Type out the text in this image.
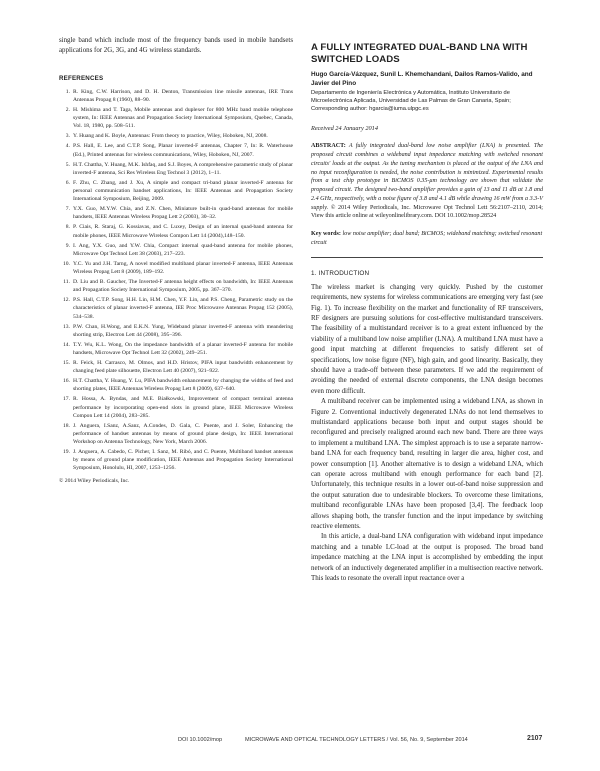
single band which include most of the frequency bands used in mobile handsets applications for 2G, 3G, and 4G wireless standards.

REFERENCES
1. R. King, C.W. Harrison, and D. H. Denton, Transmission line missile antennas, IRE Trans Antennas Propag 8 (1960), 88–90.
2. H. Mishima and T. Taga, Mobile antennas and duplexer for 800 MHz band mobile telephone system, In: IEEE Antennas and Propagation Society International Symposium, Quebec, Canada, Vol. 18, 1980, pp. 508–511.
3. Y. Huang and K. Boyle, Antennas: From theory to practice, Wiley, Hoboken, NJ, 2008.
4. P.S. Hall, E. Lee, and C.T.P. Song, Planar inverted-F antennas, Chapter 7, In: R. Waterhouse (Ed.), Printed antennas for wireless communications, Wiley, Hoboken, NJ, 2007.
5. H.T. Chattha, Y. Huang, M.K. Ishfaq, and S.J. Boyes, A comprehensive parametric study of planar inverted-F antenna, Sci Res Wireless Eng Technol 3 (2012), 1–11.
6. F. Zhu, C. Zhang, and J. Xu, A simple and compact tri-band planar inverted-F antenna for personal communication handset applications, In: IEEE Antennas and Propagation Society International Symposium, Beijing, 2009.
7. Y.X. Guo, M.Y.W. Chia, and Z.N. Chen, Miniature built-in quad-band antennas for mobile handsets, IEEE Antennas Wireless Propag Lett 2 (2003), 30–32.
8. P. Ciais, R. Staraj, G. Kossiavas, and C. Luxey, Design of an internal quad-band antenna for mobile phones, IEEE Microwave Wireless Compon Lett 14 (2004),148–150.
9. I. Ang, Y.X. Guo, and Y.W. Chia, Compact internal quad-band antenna for mobile phones, Microwave Opt Technol Lett 38 (2003), 217–223.
10. Y.C. Yu and J.H. Tarng, A novel modified multiband planar inverted-F antenna, IEEE Antennas Wireless Propag Lett 8 (2009), 189–192.
11. D. Liu and B. Gaucher, The Inverted-F antenna height effects on bandwidth, In: IEEE Antennas and Propagation Society International Symposium, 2005, pp. 367–370.
12. P.S. Hall, C.T.P. Song, H.H. Lin, H.M. Chen, Y.F. Lin, and P.S. Cheng, Parametric study on the characteristics of planar inverted-F antenna, IEE Proc Microwave Antennas Propag 152 (2005), 534–538.
13. P.W. Chan, H.Wong, and E.K.N. Yung, Wideband planar inverted-F antenna with meandering shorting strip, Electron Lett 44 (2008), 395–396.
14. T.Y. Wu, K.L. Wong, On the impedance bandwidth of a planar inverted-F antenna for mobile handsets, Microwave Opt Technol Lett 32 (2002), 249–251.
15. R. Feick, H. Carrasco, M. Olmos, and H.D. Hristov, PIFA input bandwidth enhancement by changing feed plate silhouette, Electron Lett 40 (2007), 921–922.
16. H.T. Chattha, Y. Huang, Y. Lu, PIFA bandwidth enhancement by changing the widths of feed and shorting plates, IEEE Antennas Wireless Propag Lett 8 (2009), 637–640.
17. R. Hossa, A. Byndas, and M.E. Białkowski, Improvement of compact terminal antenna performance by incorporating open-end slots in ground plane, IEEE Microwave Wireless Compon Lett 14 (2004), 283–285.
18. J. Anguera, I.Sanz, A.Sanz, A.Condes, D. Gala, C. Puente, and J. Soler, Enhancing the performance of handset antennas by means of ground plane design, In: IEEE International Workshop on Antenna Technology, New York, March 2006.
19. J. Anguera, A. Cabedo, C. Picher, I. Sanz, M. Ribó, and C. Puente, Multiband handset antennas by means of ground plane modification, IEEE Antennas and Propagation Society International Symposium, Honolulu, HI, 2007, 1253–1256.
© 2014 Wiley Periodicals, Inc.
A FULLY INTEGRATED DUAL-BAND LNA WITH SWITCHED LOADS
Hugo García-Vázquez, Sunil L. Khemchandani, Dailos Ramos-Valido, and Javier del Pino
Departamento de Ingeniería Electrónica y Automática, Instituto Universitario de Microelectrónica Aplicada, Universidad de Las Palmas de Gran Canaria, Spain; Corresponding author: hgarcia@iuma.ulpgc.es
Received 24 January 2014

ABSTRACT: A fully integrated dual-band low noise amplifier (LNA) is presented. The proposed circuit combines a wideband input impedance matching with switched resonant circuits' loads at the output. As the tuning mechanism is placed at the output of the LNA and no input reconfiguration is needed, the noise contribution is minimized. Experimental results from a test chip prototype in BiCMOS 0.35-μm technology are shown that validate the proposed circuit. The designed two-band amplifier provides a gain of 13 and 11 dB at 1.8 and 2.4 GHz, respectively, with a noise figure of 3.8 and 4.1 dB while drawing 16 mW from a 3.3-V supply. © 2014 Wiley Periodicals, Inc. Microwave Opt Technol Lett 56:2107–2110, 2014; View this article online at wileyonlinelibrary.com. DOI 10.1002/mop.28524

Key words: low noise amplifier; dual band; BiCMOS; wideband matching; switched resonant circuit

1. INTRODUCTION

The wireless market is changing very quickly. Pushed by the customer requirements, new systems for wireless communications are emerging very fast (see Fig. 1). To increase flexibility on the market and functionality of RF transceivers, RF designers are pursuing solutions for cost-effective multistandard transceivers. The feasibility of a multistandard receiver is to a great extent influenced by the viability of a multiband low noise amplifier (LNA). A multiband LNA must have a good input matching at different frequencies to satisfy different set of specifications, low noise figure (NF), high gain, and good linearity. Basically, they should have a trade-off between these parameters. If we add the requirement of avoiding the needed of external discrete components, the LNA design becomes even more difficult.

A multiband receiver can be implemented using a wideband LNA, as shown in Figure 2. Conventional inductively degenerated LNAs do not lend themselves to multistandard applications because both input and output stages should be reconfigured and precisely realigned around each new band. There are three ways to implement a multiband LNA. The simplest approach is to use a separate narrow-band LNA for each frequency band, resulting in larger die area, higher cost, and power consumption [1]. Another alternative is to design a wideband LNA, which can operate across multiband with enough performance for each band [2]. Unfortunately, this technique results in a lower out-of-band noise suppression and the output saturation due to undesirable blockers. To overcome these limitations, multiband reconfigurable LNAs have been proposed [3,4]. The feedback loop allows shaping both, the transfer function and the input impedance by switching reactive elements.

In this article, a dual-band LNA configuration with wideband input impedance matching and a tunable LC-load at the output is proposed. The broad band impedance matching at the LNA input is accomplished by embedding the input network of an inductively degenerated amplifier in a multisection reactive network. This leads to resonate the overall input reactance over a

DOI 10.1002/mop	MICROWAVE AND OPTICAL TECHNOLOGY LETTERS / Vol. 56, No. 9, September 2014	2107
